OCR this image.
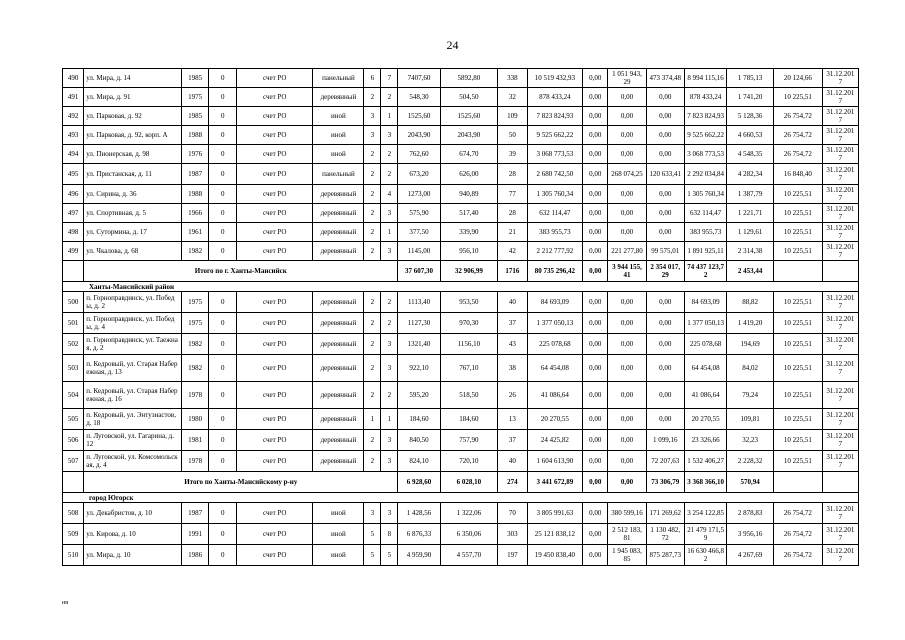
24
490	ул. Мира, д. 14	1985	0	счет РО	панельный	6	7	7407,60	5892,80	338	10 519 432,93	0,00	1 051 943,29	473 374,48	8 994 115,16	1 785,13	20 124,66	31.12.2017
491	ул. Мира, д. 91	1975	0	счет РО	деревянный	2	2	548,30	504,50	32	878 433,24	0,00	0,00	0,00	878 433,24	1 741,20	10 225,51	31.12.2017
492	ул. Парковая, д. 92	1985	0	счет РО	иной	3	1	1525,60	1525,60	109	7 823 824,93	0,00	0,00	0,00	7 823 824,93	5 128,36	26 754,72	31.12.2017
493	ул. Парковая, д. 92, корп. А	1988	0	счет РО	иной	3	3	2043,90	2043,90	50	9 525 662,22	0,00	0,00	0,00	9 525 662,22	4 660,53	26 754,72	31.12.2017
494	ул. Пионерская, д. 98	1976	0	счет РО	иной	2	2	762,60	674,70	39	3 068 773,53	0,00	0,00	0,00	3 068 773,53	4 548,35	26 754,72	31.12.2017
495	ул. Пристанская, д. 11	1987	0	счет РО	панельный	2	2	673,20	626,00	28	2 680 742,50	0,00	268 074,25	120 633,41	2 292 034,84	4 282,34	16 848,40	31.12.2017
496	ул. Сирина, д. 36	1988	0	счет РО	деревянный	2	4	1273,00	940,89	77	1 305 760,34	0,00	0,00	0,00	1 305 760,34	1 387,79	10 225,51	31.12.2017
497	ул. Спортивная, д. 5	1966	0	счет РО	деревянный	2	3	575,90	517,40	28	632 114,47	0,00	0,00	0,00	632 114,47	1 221,71	10 225,51	31.12.2017
498	ул. Сутормина, д. 17	1961	0	счет РО	деревянный	2	1	377,50	339,90	21	383 955,73	0,00	0,00	0,00	383 955,73	1 129,61	10 225,51	31.12.2017
499	ул. Чкалова, д. 68	1982	0	счет РО	деревянный	2	3	1145,00	956,10	42	2 212 777,92	0,00	221 277,80	99 575,01	1 891 925,11	2 314,38	10 225,51	31.12.2017
	Итого по г. Ханты-Мансийск							37 607,30	32 906,99	1716	80 735 296,42	0,00	3 944 155,41	2 354 017,29	74 437 123,72	2 453,44		
Ханты-Мансийский район																		
500	п. Горноправдинск, ул. Победы, д. 2	1975	0	счет РО	деревянный	2	2	1113,40	953,50	40	84 693,09	0,00	0,00	0,00	84 693,09	88,82	10 225,51	31.12.2017
501	п. Горноправдинск, ул. Победы, д. 4	1975	0	счет РО	деревянный	2	2	1127,30	970,30	37	1 377 050,13	0,00	0,00	0,00	1 377 050,13	1 419,20	10 225,51	31.12.2017
502	п. Горноправдинск, ул. Таежная, д. 2	1982	0	счет РО	деревянный	2	3	1321,40	1156,10	43	225 078,68	0,00	0,00	0,00	225 078,68	194,69	10 225,51	31.12.2017
503	п. Кедровый, ул. Старая Набережная, д. 13	1982	0	счет РО	деревянный	2	3	922,10	767,10	38	64 454,08	0,00	0,00	0,00	64 454,08	84,02	10 225,51	31.12.2017
504	п. Кедровый, ул. Старая Набережная, д. 16	1978	0	счет РО	деревянный	2	2	595,20	518,50	26	41 086,64	0,00	0,00	0,00	41 086,64	79,24	10 225,51	31.12.2017
505	п. Кедровый, ул. Энтузиастов, д. 18	1980	0	счет РО	деревянный	1	1	184,60	184,60	13	20 270,55	0,00	0,00	0,00	20 270,55	109,81	10 225,51	31.12.2017
506	п. Луговской, ул. Гагарина, д. 12	1981	0	счет РО	деревянный	2	3	840,50	757,90	37	24 425,82	0,00	0,00	1 099,16	23 326,66	32,23	10 225,51	31.12.2017
507	п. Луговской, ул. Комсомольская, д. 4	1978	0	счет РО	деревянный	2	3	824,10	720,10	40	1 604 613,90	0,00	0,00	72 207,63	1 532 406,27	2 228,32	10 225,51	31.12.2017
	Итого по Ханты-Мансийскому р-ну							6 928,60	6 028,10	274	3 441 672,89	0,00	0,00	73 306,79	3 368 366,10	570,94		
город Югорск																		
508	ул. Декабристов, д. 10	1987	0	счет РО	иной	3	3	1 428,56	1 322,06	70	3 805 991,63	0,00	380 599,16	171 269,62	3 254 122,85	2 878,83	26 754,72	31.12.2017
509	ул. Кирова, д. 10	1991	0	счет РО	иной	5	8	6 876,33	6 350,06	303	25 121 838,12	0,00	2 512 183,81	1 130 482,72	21 479 171,59	3 956,16	26 754,72	31.12.2017
510	ул. Мира, д. 10	1986	0	счет РО	иной	5	5	4 959,90	4 557,70	197	19 450 838,40	0,00	1 945 083,85	875 287,73	16 630 466,82	4 267,69	26 754,72	31.12.2017
нн
